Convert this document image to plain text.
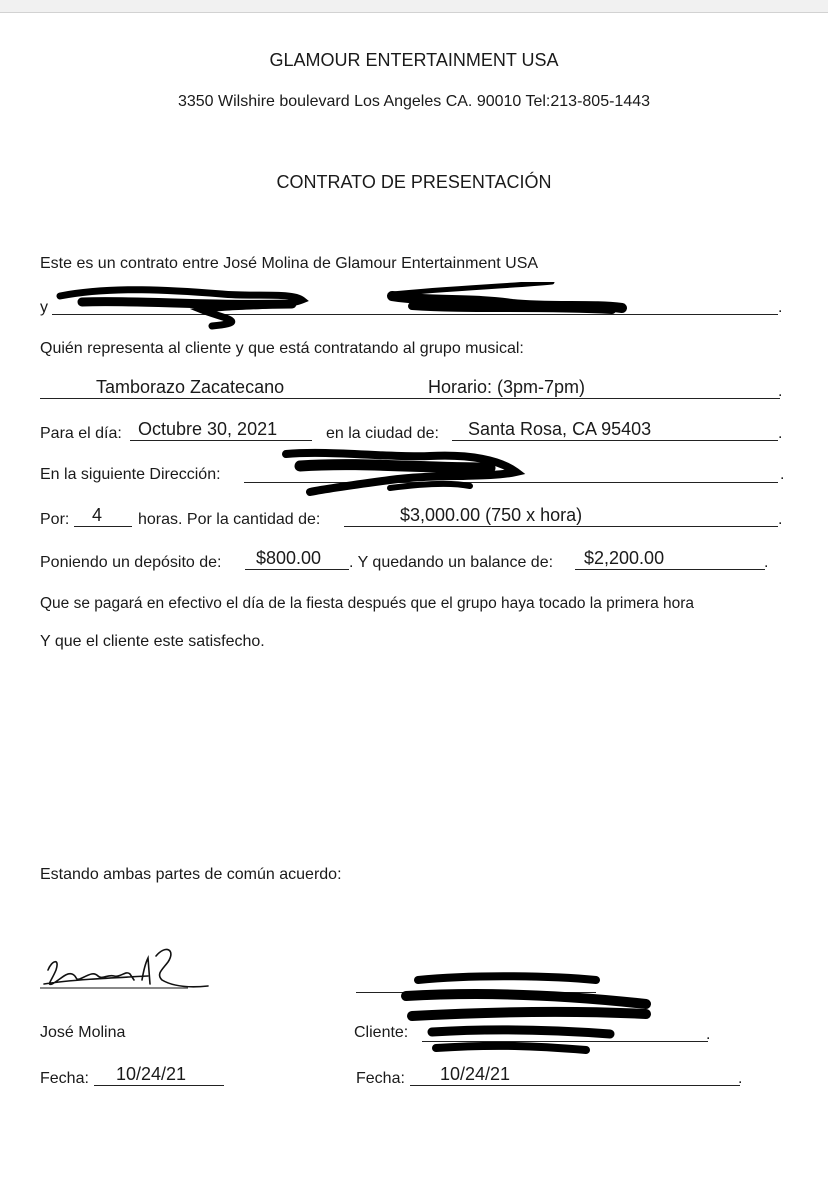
GLAMOUR ENTERTAINMENT USA
3350 Wilshire boulevard Los Angeles CA. 90010 Tel:213-805-1443
CONTRATO DE PRESENTACIÓN
Este es un contrato entre José Molina de Glamour Entertainment USA
y	.
Quién representa al cliente y que está contratando al grupo musical:
Tamborazo Zacatecano	Horario: (3pm-7pm)	.
Para el día: Octubre 30, 2021	en la ciudad de: Santa Rosa, CA 95403	.
En la siguiente Dirección:	Ct	.
Por: 4 horas. Por la cantidad de:	$3,000.00 (750 x hora)	.
Poniendo un depósito de: $800.00 . Y quedando un balance de: $2,200.00	.
Que se pagará en efectivo el día de la fiesta después que el grupo haya tocado la primera hora
Y que el cliente este satisfecho.
Estando ambas partes de común acuerdo:
José Molina
Fecha: 10/24/21
Cliente:	.
Fecha: 10/24/21	.
